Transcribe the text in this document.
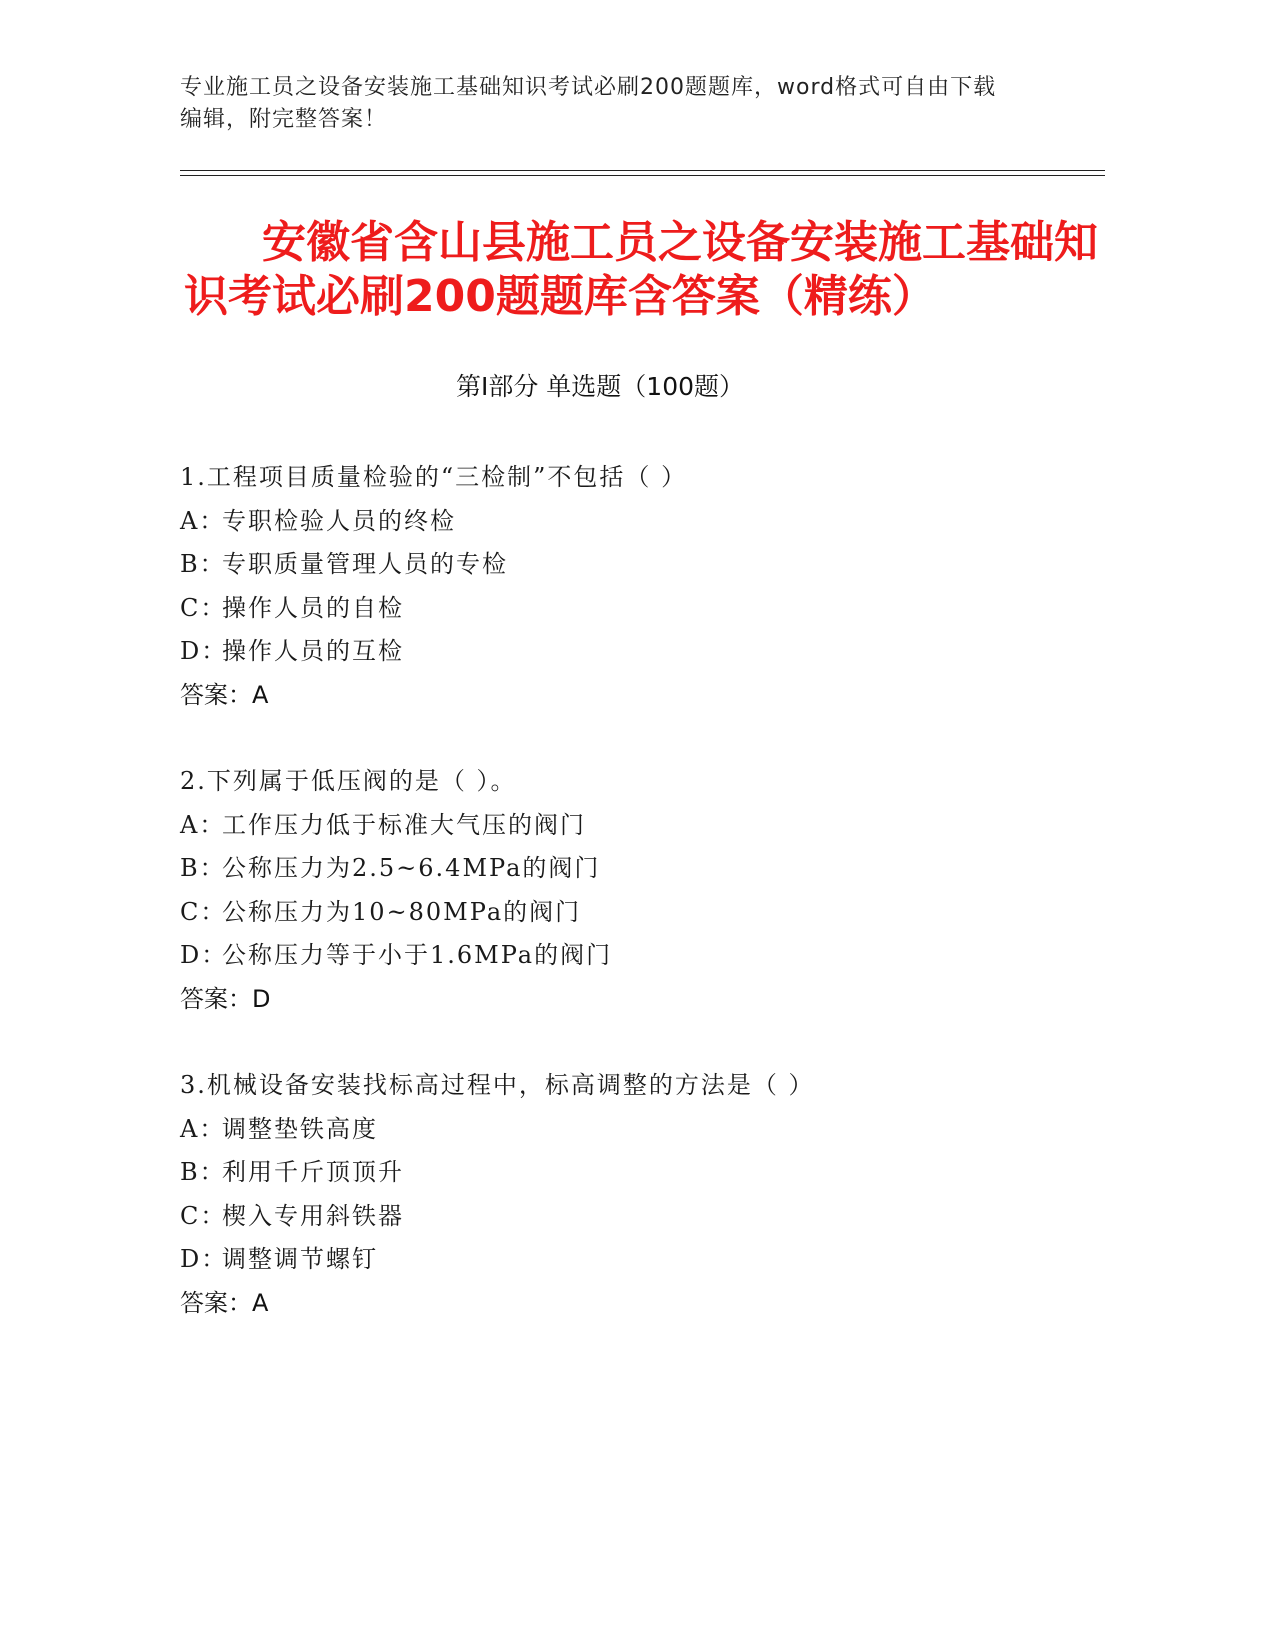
专业施工员之设备安装施工基础知识考试必刷200题题库，word格式可自由下载
编辑，附完整答案！
安徽省含山县施工员之设备安装施工基础知
识考试必刷200题题库含答案（精练）
第Ⅰ部分 单选题（100题）
1.工程项目质量检验的“三检制”不包括（ ）
A：专职检验人员的终检
B：专职质量管理人员的专检
C：操作人员的自检
D：操作人员的互检
答案：A
2.下列属于低压阀的是（ ）。
A：工作压力低于标准大气压的阀门
B：公称压力为2.5~6.4MPa的阀门
C：公称压力为10~80MPa的阀门
D：公称压力等于小于1.6MPa的阀门
答案：D
3.机械设备安装找标高过程中，标高调整的方法是（ ）
A：调整垫铁高度
B：利用千斤顶顶升
C：楔入专用斜铁器
D：调整调节螺钉
答案：A
